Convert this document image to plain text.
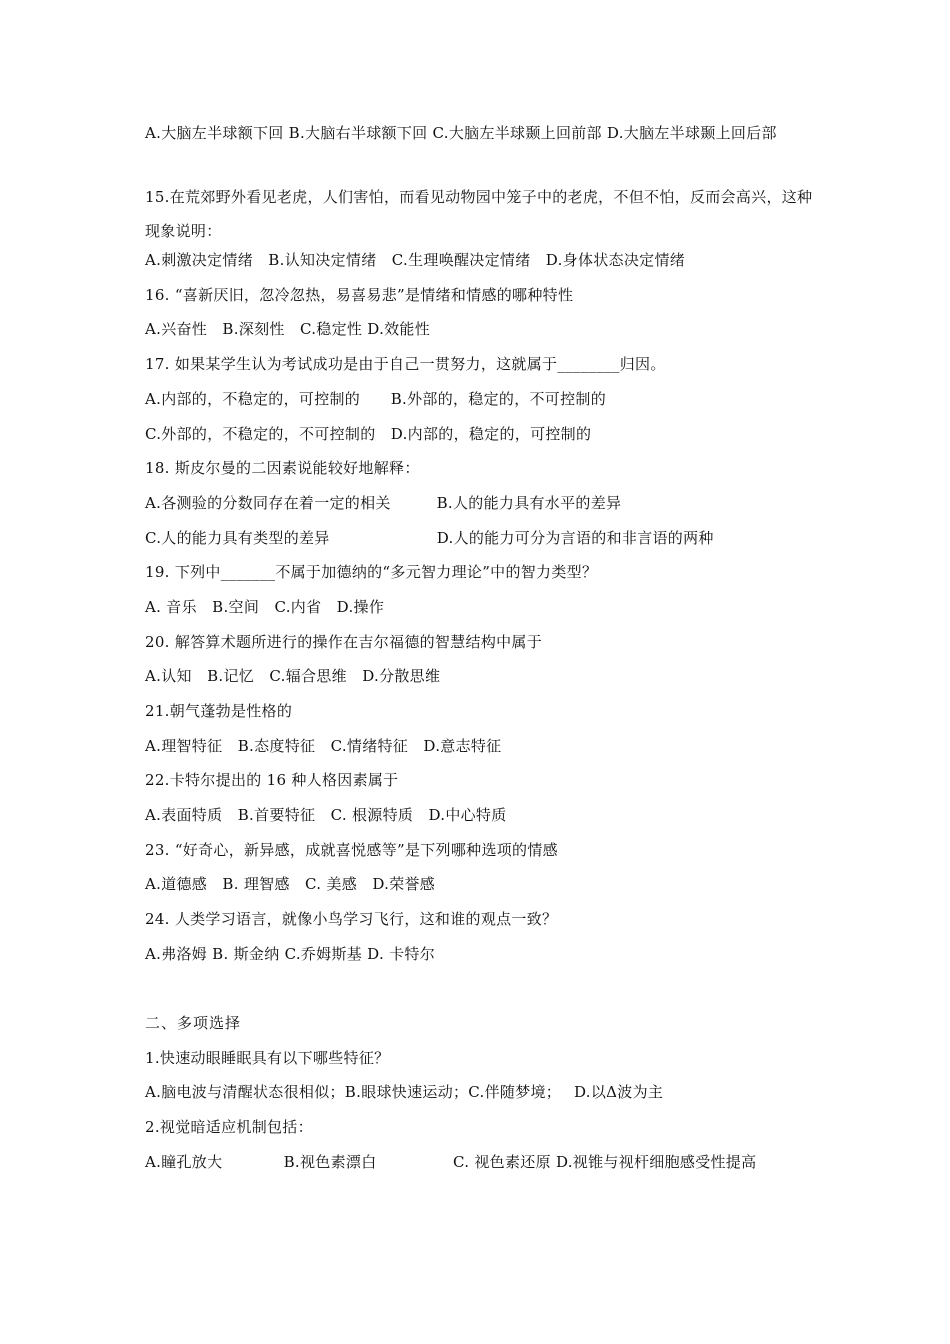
A.大脑左半球额下回 B.大脑右半球额下回 C.大脑左半球颞上回前部 D.大脑左半球颞上回后部
15.在荒郊野外看见老虎，人们害怕，而看见动物园中笼子中的老虎，不但不怕，反而会高兴，这种现象说明：
A.刺激决定情绪　B.认知决定情绪　C.生理唤醒决定情绪　D.身体状态决定情绪
16. “喜新厌旧，忽冷忽热，易喜易悲”是情绪和情感的哪种特性
A.兴奋性　B.深刻性　C.稳定性 D.效能性
17. 如果某学生认为考试成功是由于自己一贯努力，这就属于________归因。
A.内部的，不稳定的，可控制的　　B.外部的，稳定的，不可控制的
C.外部的，不稳定的，不可控制的　D.内部的，稳定的，可控制的
18. 斯皮尔曼的二因素说能较好地解释：
A.各测验的分数同存在着一定的相关　　　B.人的能力具有水平的差异
C.人的能力具有类型的差异　　　　　　　D.人的能力可分为言语的和非言语的两种
19. 下列中_______不属于加德纳的“多元智力理论”中的智力类型？
A. 音乐　B.空间　C.内省　D.操作
20. 解答算术题所进行的操作在吉尔福德的智慧结构中属于
A.认知　B.记忆　C.辐合思维　D.分散思维
21.朝气蓬勃是性格的
A.理智特征　B.态度特征　C.情绪特征　D.意志特征
22.卡特尔提出的 16 种人格因素属于
A.表面特质　B.首要特征　C. 根源特质　D.中心特质
23. “好奇心，新异感，成就喜悦感等”是下列哪种选项的情感
A.道德感　B. 理智感　C. 美感　D.荣誉感
24. 人类学习语言，就像小鸟学习飞行，这和谁的观点一致？
A.弗洛姆 B. 斯金纳 C.乔姆斯基 D. 卡特尔
二、多项选择
1.快速动眼睡眠具有以下哪些特征？
A.脑电波与清醒状态很相似；B.眼球快速运动；C.伴随梦境；　 D.以Δ波为主
2.视觉暗适应机制包括：
A.瞳孔放大　　　　B.视色素漂白　　　　　C. 视色素还原 D.视锥与视杆细胞感受性提高
